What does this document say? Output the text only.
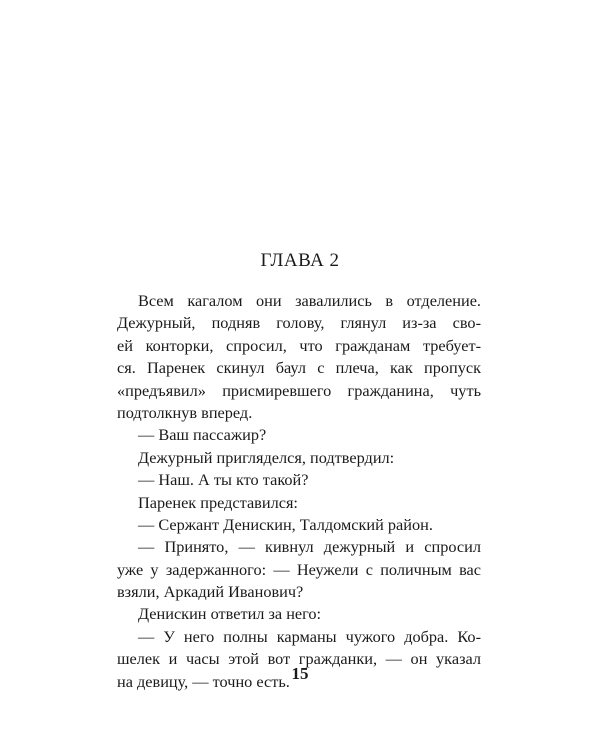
ГЛАВА 2
Всем кагалом они завалились в отделение.
Дежурный, подняв голову, глянул из-за сво-
ей конторки, спросил, что гражданам требует-
ся. Паренек скинул баул с плеча, как пропуск
«предъявил» присмиревшего гражданина, чуть
подтолкнув вперед.
— Ваш пассажир?
Дежурный пригляделся, подтвердил:
— Наш. А ты кто такой?
Паренек представился:
— Сержант Денискин, Талдомский район.
— Принято, — кивнул дежурный и спросил
уже у задержанного: — Неужели с поличным вас
взяли, Аркадий Иванович?
Денискин ответил за него:
— У него полны карманы чужого добра. Ко-
шелек и часы этой вот гражданки, — он указал
на девицу, — точно есть. 15
